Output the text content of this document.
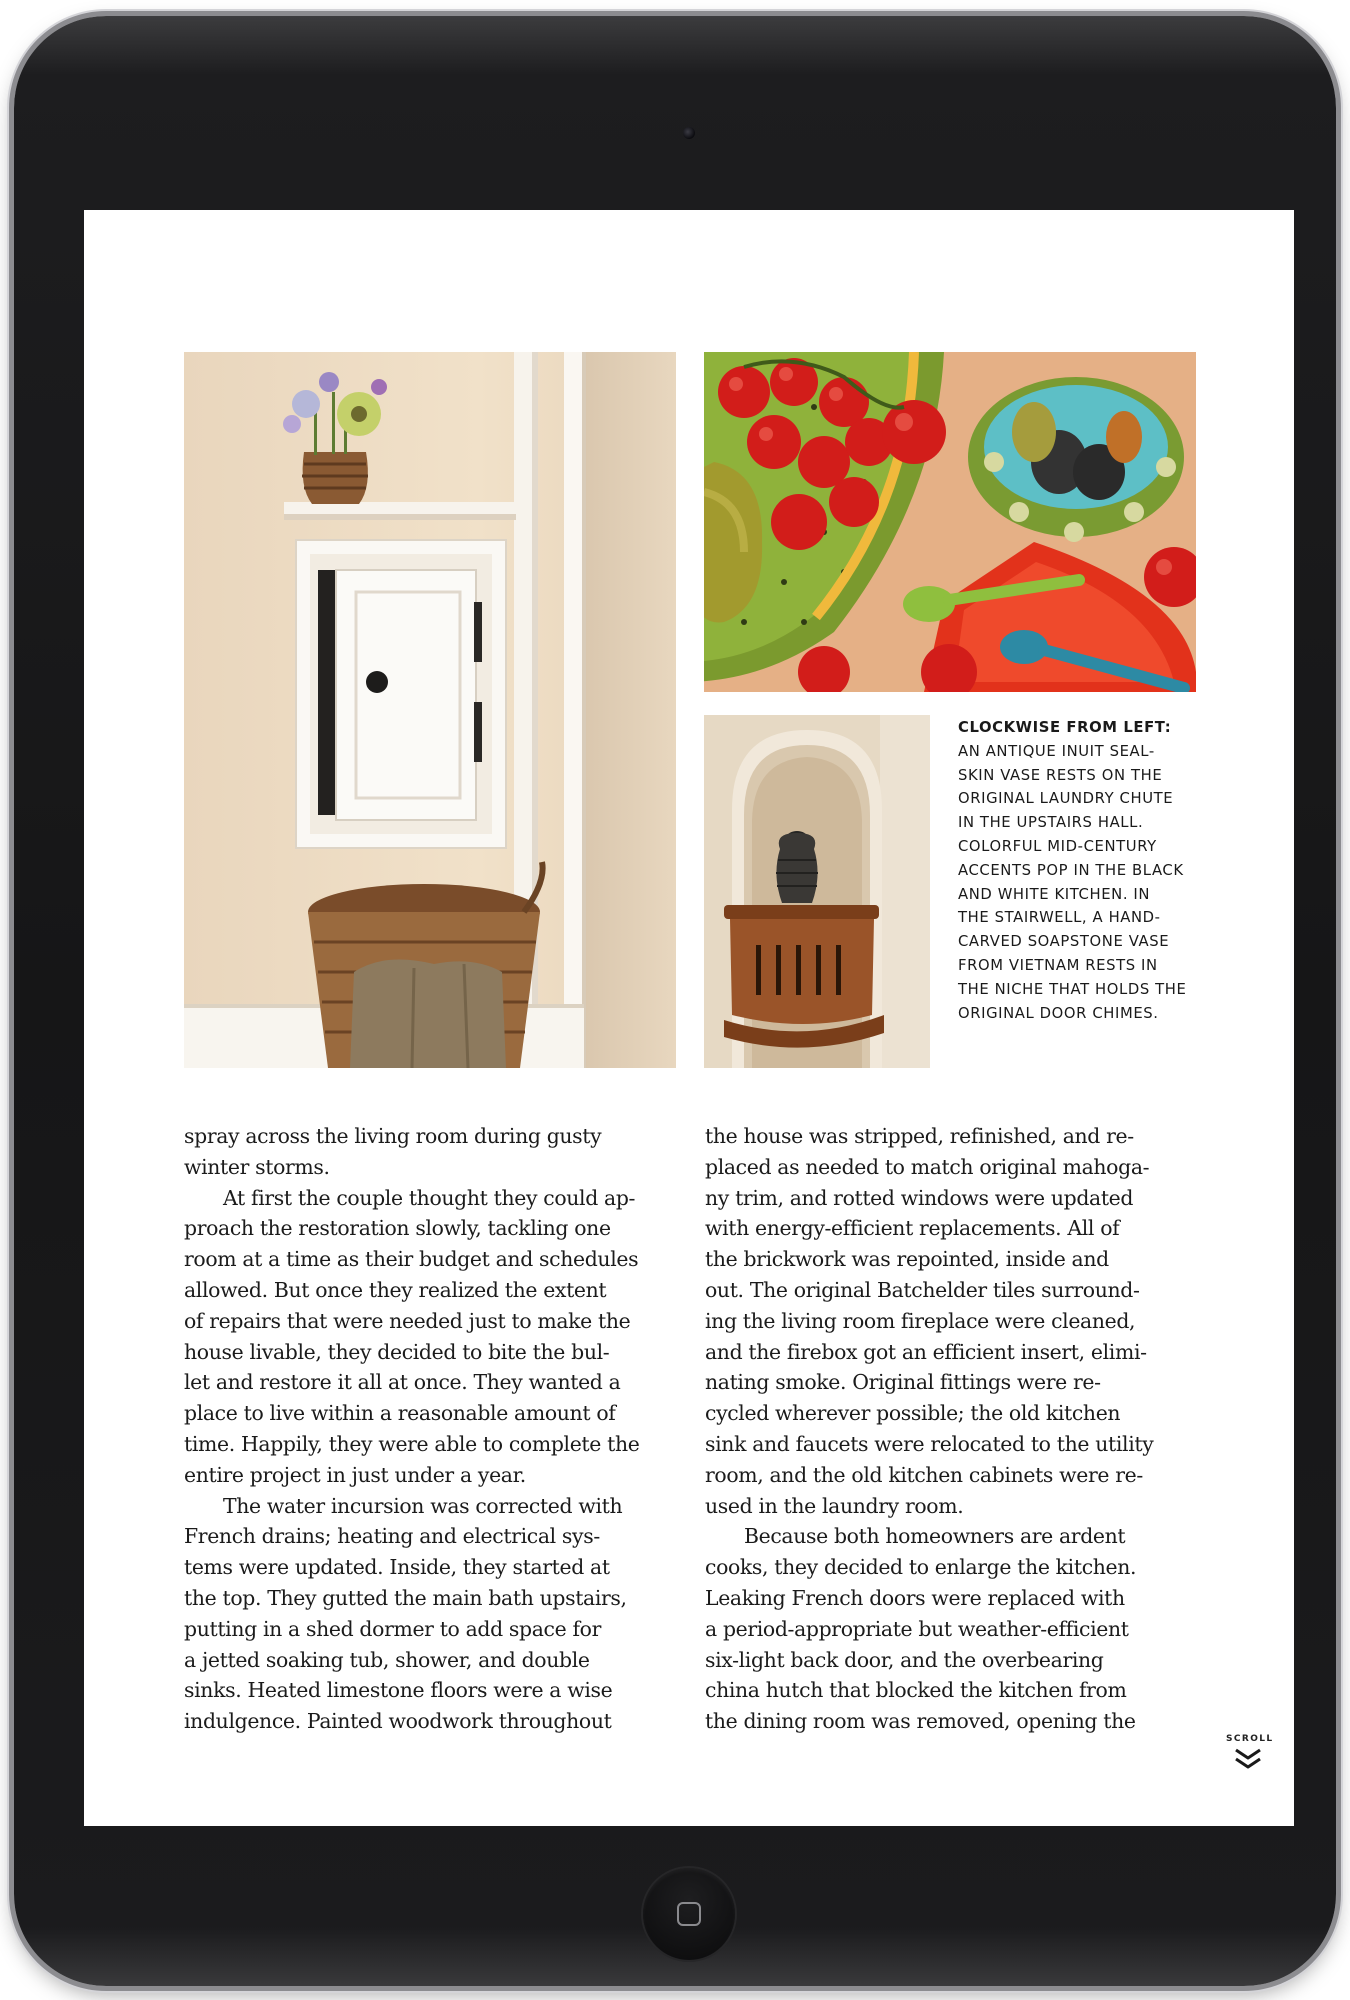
CLOCKWISE FROM LEFT:
AN ANTIQUE INUIT SEAL-
SKIN VASE RESTS ON THE
ORIGINAL LAUNDRY CHUTE
IN THE UPSTAIRS HALL.
COLORFUL MID-CENTURY
ACCENTS POP IN THE BLACK
AND WHITE KITCHEN. IN
THE STAIRWELL, A HAND-
CARVED SOAPSTONE VASE
FROM VIETNAM RESTS IN
THE NICHE THAT HOLDS THE
ORIGINAL DOOR CHIMES.
spray across the living room during gusty
winter storms.
At first the couple thought they could ap-
proach the restoration slowly, tackling one
room at a time as their budget and schedules
allowed. But once they realized the extent
of repairs that were needed just to make the
house livable, they decided to bite the bul-
let and restore it all at once. They wanted a
place to live within a reasonable amount of
time. Happily, they were able to complete the
entire project in just under a year.
The water incursion was corrected with
French drains; heating and electrical sys-
tems were updated. Inside, they started at
the top. They gutted the main bath upstairs,
putting in a shed dormer to add space for
a jetted soaking tub, shower, and double
sinks. Heated limestone floors were a wise
indulgence. Painted woodwork throughout
the house was stripped, refinished, and re-
placed as needed to match original mahoga-
ny trim, and rotted windows were updated
with energy-efficient replacements. All of
the brickwork was repointed, inside and
out. The original Batchelder tiles surround-
ing the living room fireplace were cleaned,
and the firebox got an efficient insert, elimi-
nating smoke. Original fittings were re-
cycled wherever possible; the old kitchen
sink and faucets were relocated to the utility
room, and the old kitchen cabinets were re-
used in the laundry room.
Because both homeowners are ardent
cooks, they decided to enlarge the kitchen.
Leaking French doors were replaced with
a period-appropriate but weather-efficient
six-light back door, and the overbearing
china hutch that blocked the kitchen from
the dining room was removed, opening the
SCROLL
